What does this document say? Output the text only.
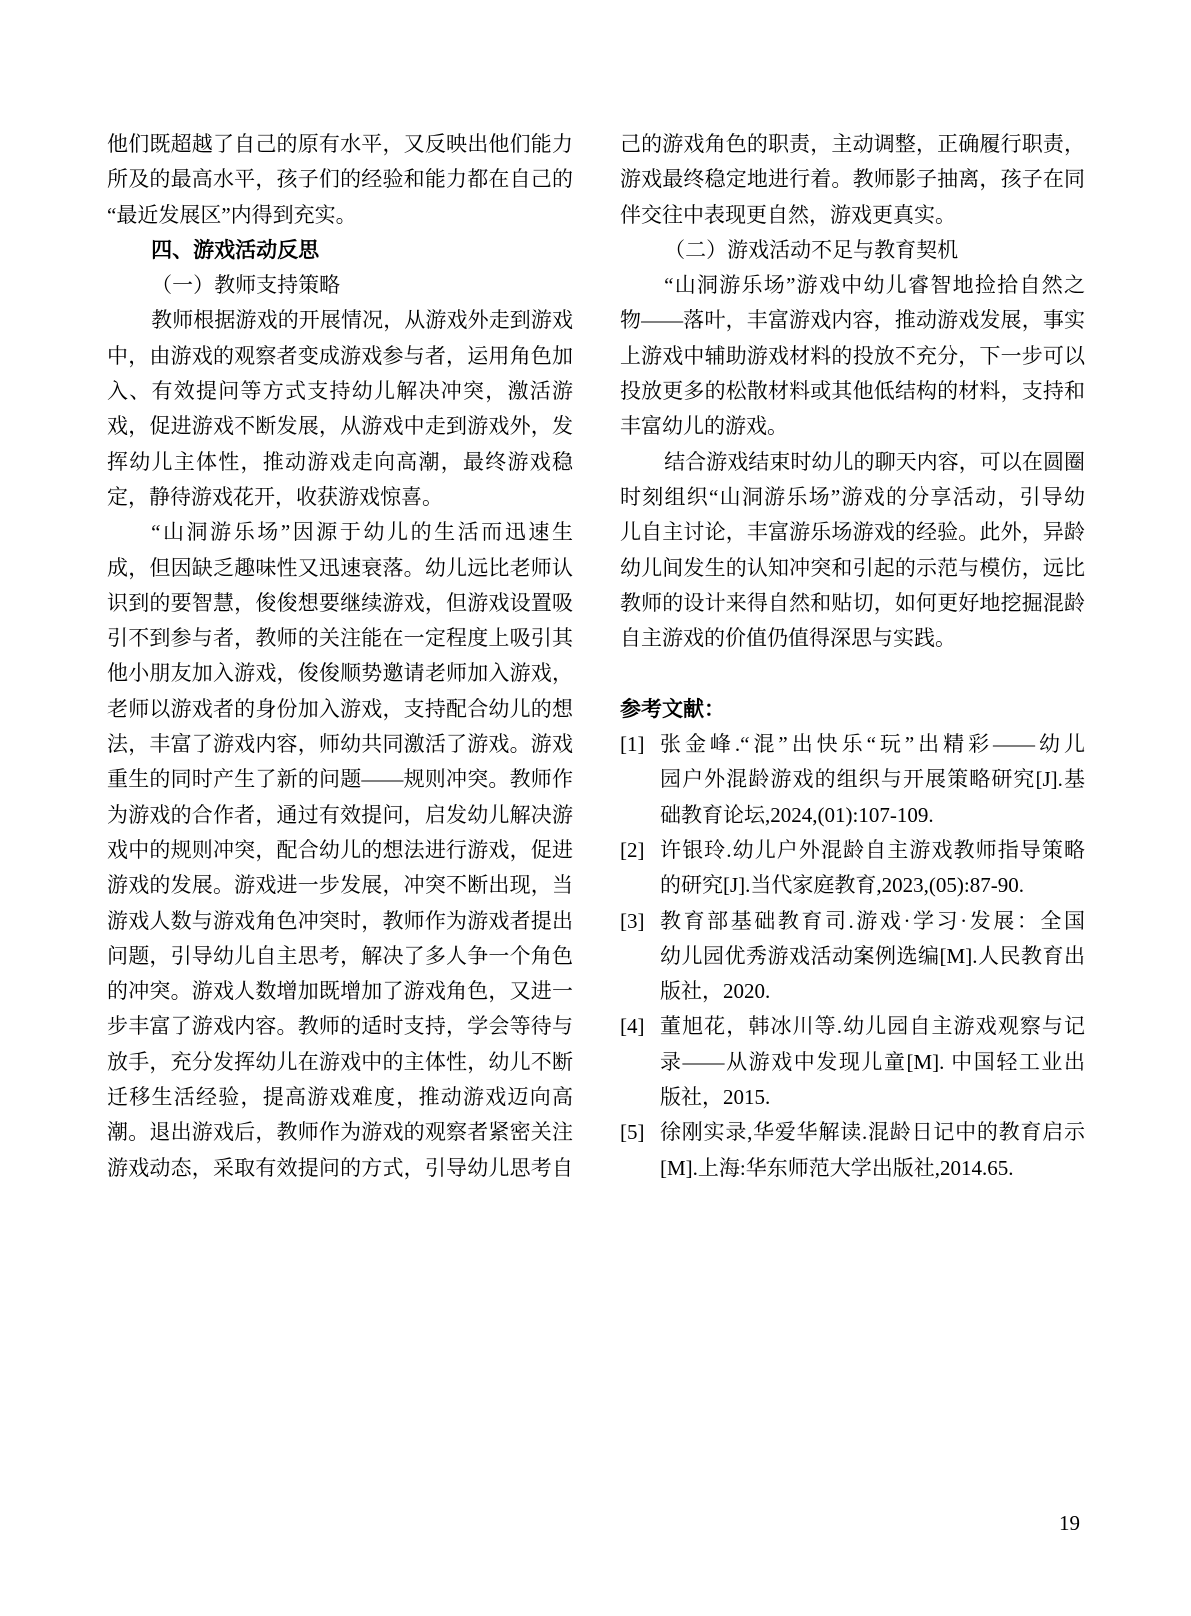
他们既超越了自己的原有水平，又反映出他们能力
所及的最高水平，孩子们的经验和能力都在自己的
“最近发展区”内得到充实。
四、游戏活动反思
（一）教师支持策略
教师根据游戏的开展情况，从游戏外走到游戏
中，由游戏的观察者变成游戏参与者，运用角色加
入、有效提问等方式支持幼儿解决冲突，激活游
戏，促进游戏不断发展，从游戏中走到游戏外，发
挥幼儿主体性，推动游戏走向高潮，最终游戏稳
定，静待游戏花开，收获游戏惊喜。
“山洞游乐场”因源于幼儿的生活而迅速生
成，但因缺乏趣味性又迅速衰落。幼儿远比老师认
识到的要智慧，俊俊想要继续游戏，但游戏设置吸
引不到参与者，教师的关注能在一定程度上吸引其
他小朋友加入游戏，俊俊顺势邀请老师加入游戏，
老师以游戏者的身份加入游戏，支持配合幼儿的想
法，丰富了游戏内容，师幼共同激活了游戏。游戏
重生的同时产生了新的问题——规则冲突。教师作
为游戏的合作者，通过有效提问，启发幼儿解决游
戏中的规则冲突，配合幼儿的想法进行游戏，促进
游戏的发展。游戏进一步发展，冲突不断出现，当
游戏人数与游戏角色冲突时，教师作为游戏者提出
问题，引导幼儿自主思考，解决了多人争一个角色
的冲突。游戏人数增加既增加了游戏角色，又进一
步丰富了游戏内容。教师的适时支持，学会等待与
放手，充分发挥幼儿在游戏中的主体性，幼儿不断
迁移生活经验，提高游戏难度，推动游戏迈向高
潮。退出游戏后，教师作为游戏的观察者紧密关注
游戏动态，采取有效提问的方式，引导幼儿思考自
己的游戏角色的职责，主动调整，正确履行职责，
游戏最终稳定地进行着。教师影子抽离，孩子在同
伴交往中表现更自然，游戏更真实。
（二）游戏活动不足与教育契机
“山洞游乐场”游戏中幼儿睿智地捡拾自然之
物——落叶，丰富游戏内容，推动游戏发展，事实
上游戏中辅助游戏材料的投放不充分，下一步可以
投放更多的松散材料或其他低结构的材料，支持和
丰富幼儿的游戏。
结合游戏结束时幼儿的聊天内容，可以在圆圈
时刻组织“山洞游乐场”游戏的分享活动，引导幼
儿自主讨论，丰富游乐场游戏的经验。此外，异龄
幼儿间发生的认知冲突和引起的示范与模仿，远比
教师的设计来得自然和贴切，如何更好地挖掘混龄
自主游戏的价值仍值得深思与实践。
参考文献：
[1] 张金峰.“混”出快乐“玩”出精彩——幼儿
园户外混龄游戏的组织与开展策略研究[J].基
础教育论坛,2024,(01):107-109.
[2] 许银玲.幼儿户外混龄自主游戏教师指导策略
的研究[J].当代家庭教育,2023,(05):87-90.
[3] 教育部基础教育司.游戏·学习·发展：全国
幼儿园优秀游戏活动案例选编[M].人民教育出
版社，2020.
[4] 董旭花，韩冰川等.幼儿园自主游戏观察与记
录——从游戏中发现儿童[M]. 中国轻工业出
版社，2015.
[5] 徐刚实录,华爱华解读.混龄日记中的教育启示
[M].上海:华东师范大学出版社,2014.65.
19
